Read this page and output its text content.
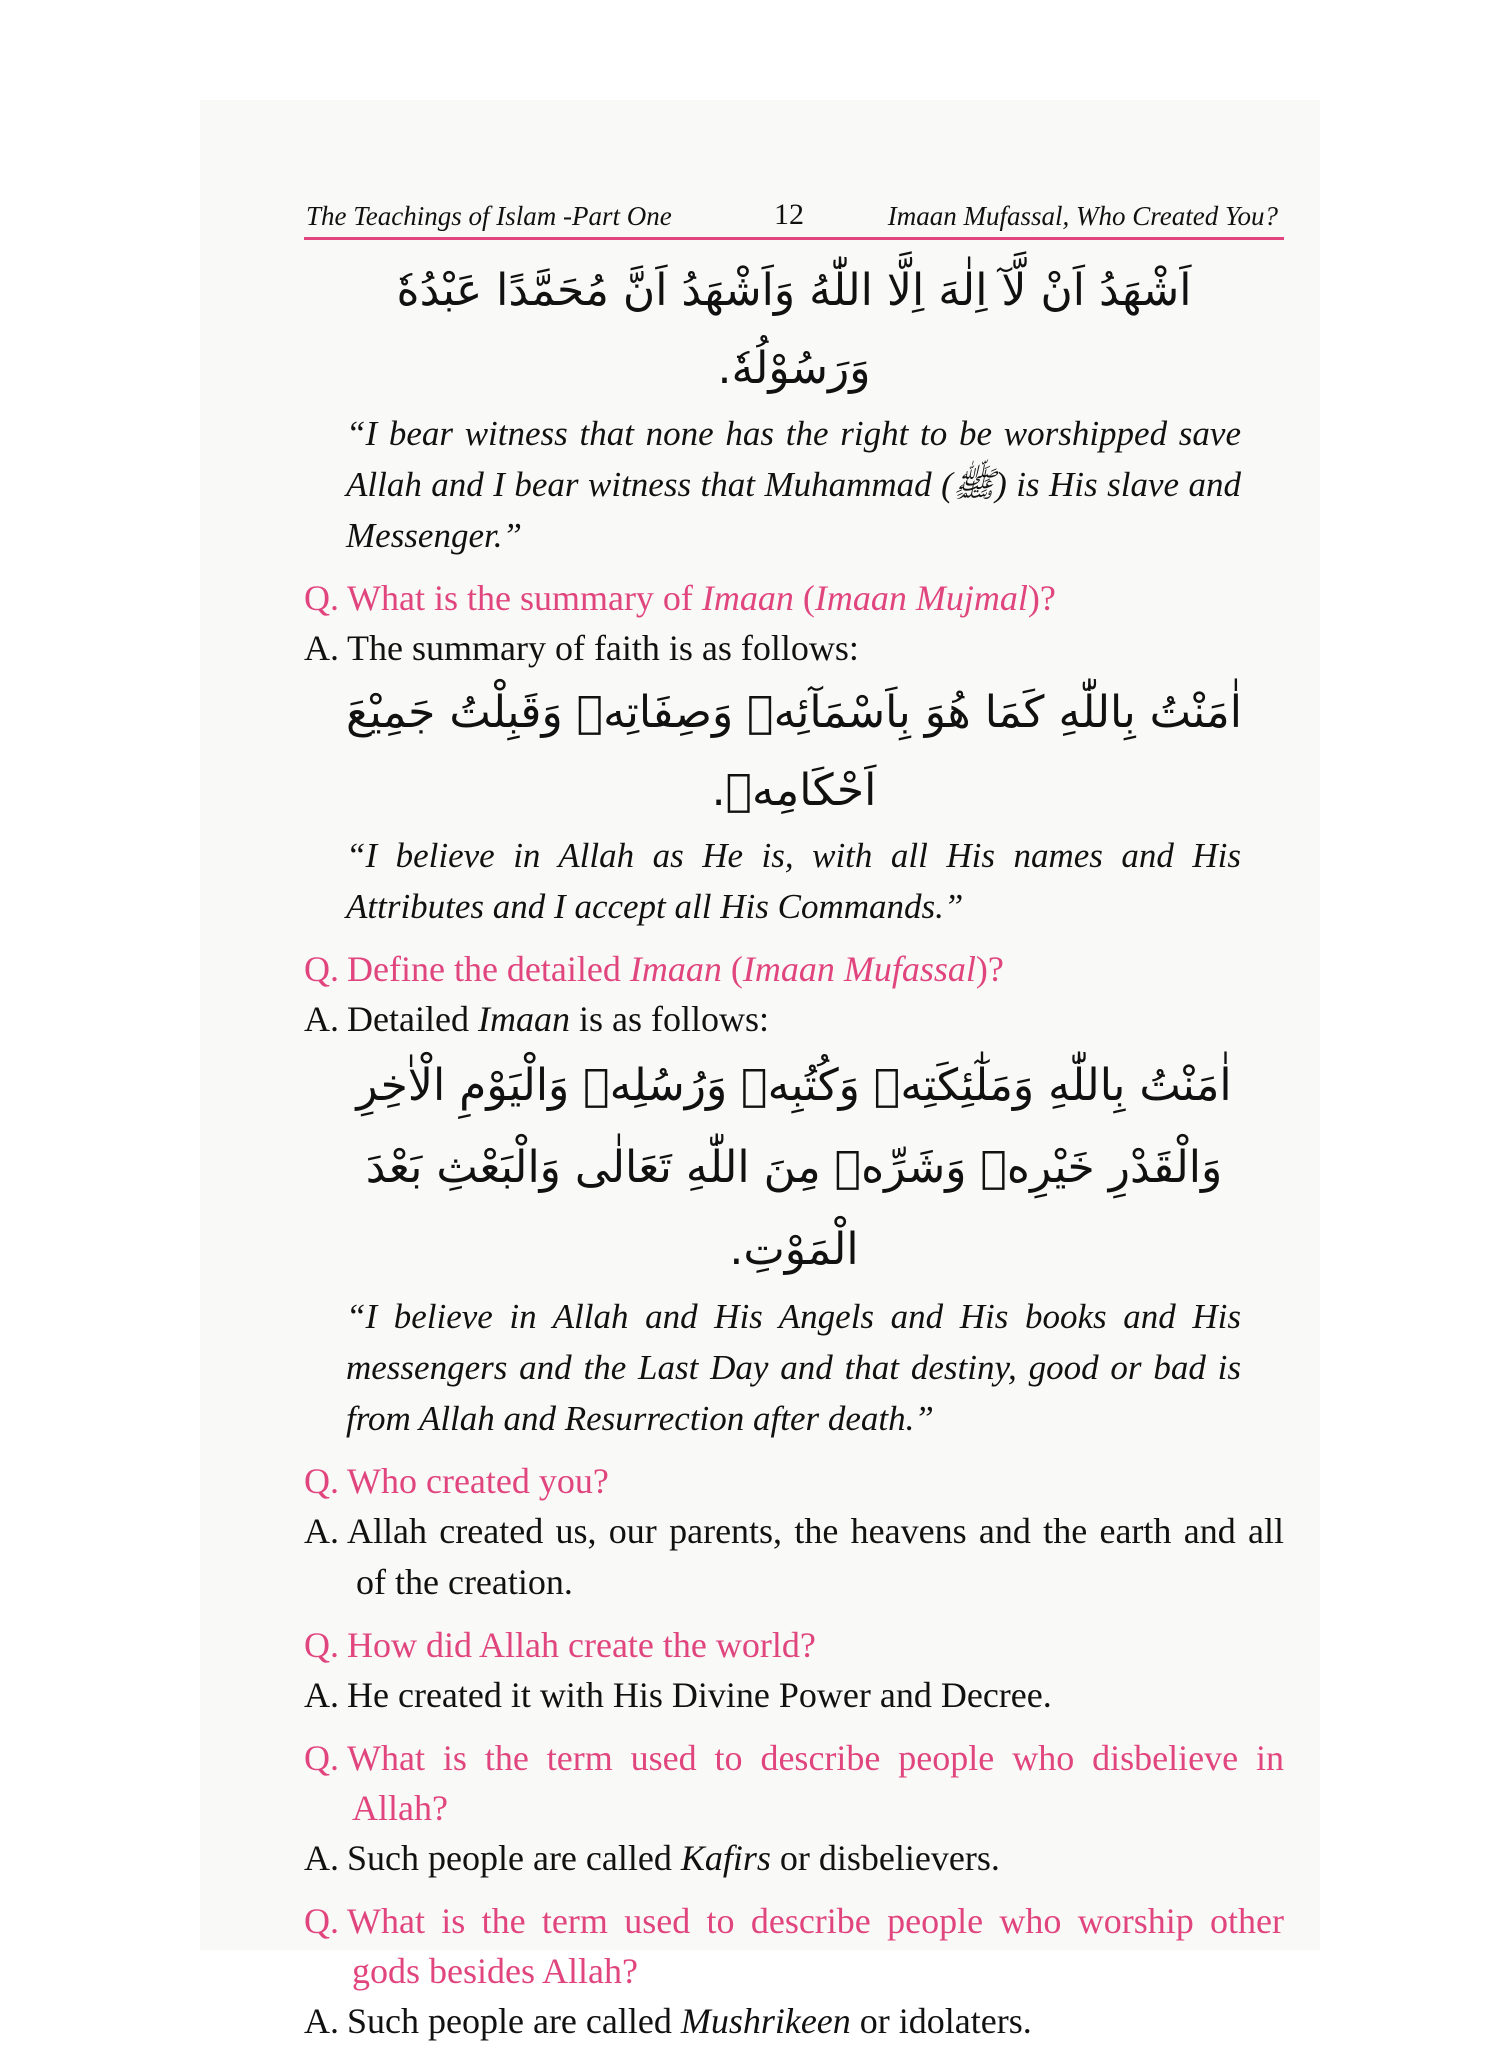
The Teachings of Islam -Part One	12	Imaan Mufassal, Who Created You?
اَشْهَدُ اَنْ لَّآ اِلٰهَ اِلَّا اللّٰهُ وَاَشْهَدُ اَنَّ مُحَمَّدًا عَبْدُهٗ وَرَسُوْلُهٗ.
“I bear witness that none has the right to be worshipped save Allah and I bear witness that Muhammad (ﷺ) is His slave and Messenger.”
Q. What is the summary of Imaan (Imaan Mujmal)?
A. The summary of faith is as follows:
اٰمَنْتُ بِاللّٰهِ كَمَا هُوَ بِاَسْمَآئِهٖ وَصِفَاتِهٖ وَقَبِلْتُ جَمِيْعَ اَحْكَامِهٖ.
“I believe in Allah as He is, with all His names and His Attributes and I accept all His Commands.”
Q. Define the detailed Imaan (Imaan Mufassal)?
A. Detailed Imaan is as follows:
اٰمَنْتُ بِاللّٰهِ وَمَلٰٓئِكَتِهٖ وَكُتُبِهٖ وَرُسُلِهٖ وَالْيَوْمِ الْاٰخِرِ وَالْقَدْرِ خَيْرِهٖ وَشَرِّهٖ مِنَ اللّٰهِ تَعَالٰى وَالْبَعْثِ بَعْدَ الْمَوْتِ.
“I believe in Allah and His Angels and His books and His messengers and the Last Day and that destiny, good or bad is from Allah and Resurrection after death.”
Q. Who created you?
A. Allah created us, our parents, the heavens and the earth and all of the creation.
Q. How did Allah create the world?
A. He created it with His Divine Power and Decree.
Q. What is the term used to describe people who disbelieve in Allah?
A. Such people are called Kafirs or disbelievers.
Q. What is the term used to describe people who worship other gods besides Allah?
A. Such people are called Mushrikeen or idolaters.
